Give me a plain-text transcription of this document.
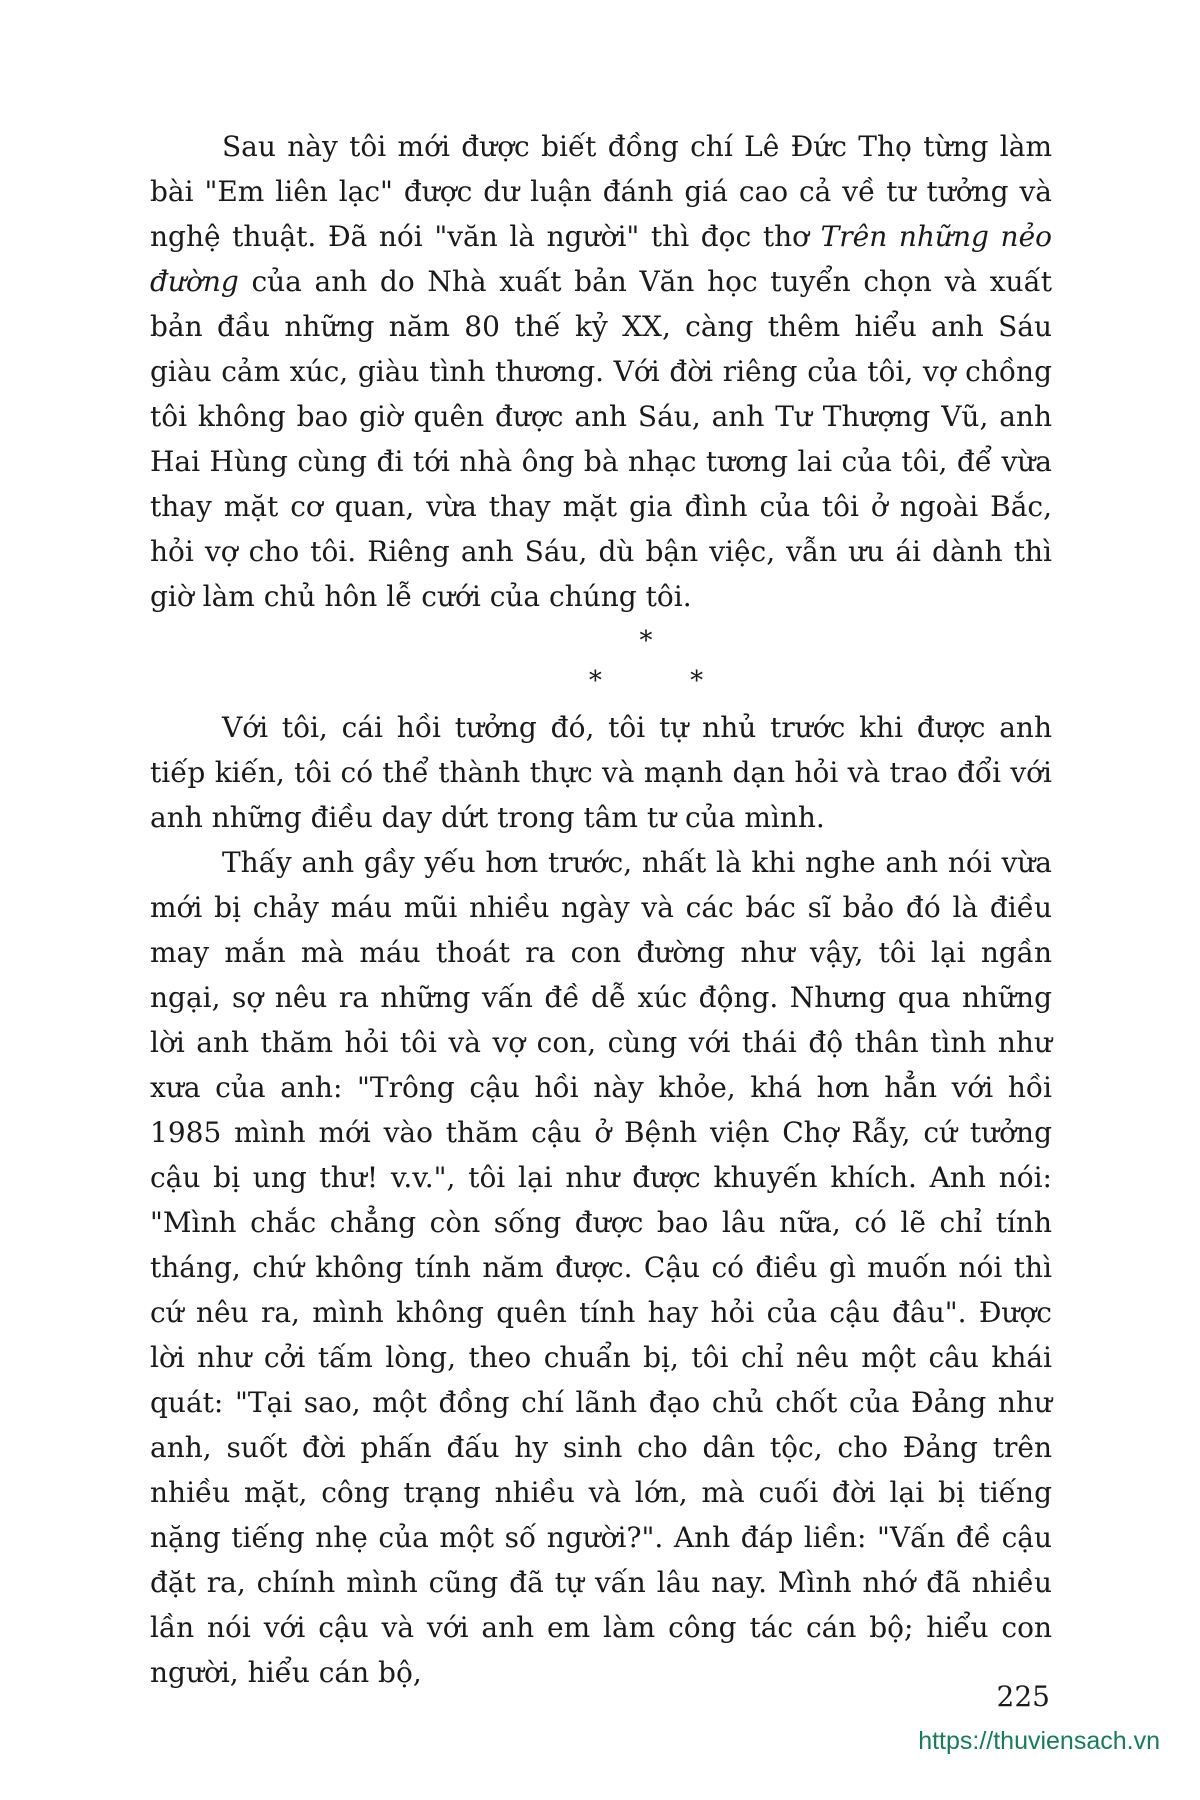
Sau này tôi mới được biết đồng chí Lê Đức Thọ từng làm bài "Em liên lạc" được dư luận đánh giá cao cả về tư tưởng và nghệ thuật. Đã nói "văn là người" thì đọc thơ Trên những nẻo đường của anh do Nhà xuất bản Văn học tuyển chọn và xuất bản đầu những năm 80 thế kỷ XX, càng thêm hiểu anh Sáu giàu cảm xúc, giàu tình thương. Với đời riêng của tôi, vợ chồng tôi không bao giờ quên được anh Sáu, anh Tư Thượng Vũ, anh Hai Hùng cùng đi tới nhà ông bà nhạc tương lai của tôi, để vừa thay mặt cơ quan, vừa thay mặt gia đình của tôi ở ngoài Bắc, hỏi vợ cho tôi. Riêng anh Sáu, dù bận việc, vẫn ưu ái dành thì giờ làm chủ hôn lễ cưới của chúng tôi.

*
* *

Với tôi, cái hồi tưởng đó, tôi tự nhủ trước khi được anh tiếp kiến, tôi có thể thành thực và mạnh dạn hỏi và trao đổi với anh những điều day dứt trong tâm tư của mình.

Thấy anh gầy yếu hơn trước, nhất là khi nghe anh nói vừa mới bị chảy máu mũi nhiều ngày và các bác sĩ bảo đó là điều may mắn mà máu thoát ra con đường như vậy, tôi lại ngần ngại, sợ nêu ra những vấn đề dễ xúc động. Nhưng qua những lời anh thăm hỏi tôi và vợ con, cùng với thái độ thân tình như xưa của anh: "Trông cậu hồi này khỏe, khá hơn hẳn với hồi 1985 mình mới vào thăm cậu ở Bệnh viện Chợ Rẫy, cứ tưởng cậu bị ung thư! v.v.", tôi lại như được khuyến khích. Anh nói: "Mình chắc chẳng còn sống được bao lâu nữa, có lẽ chỉ tính tháng, chứ không tính năm được. Cậu có điều gì muốn nói thì cứ nêu ra, mình không quên tính hay hỏi của cậu đâu". Được lời như cởi tấm lòng, theo chuẩn bị, tôi chỉ nêu một câu khái quát: "Tại sao, một đồng chí lãnh đạo chủ chốt của Đảng như anh, suốt đời phấn đấu hy sinh cho dân tộc, cho Đảng trên nhiều mặt, công trạng nhiều và lớn, mà cuối đời lại bị tiếng nặng tiếng nhẹ của một số người?". Anh đáp liền: "Vấn đề cậu đặt ra, chính mình cũng đã tự vấn lâu nay. Mình nhớ đã nhiều lần nói với cậu và với anh em làm công tác cán bộ; hiểu con người, hiểu cán bộ,

225
https://thuviensach.vn
